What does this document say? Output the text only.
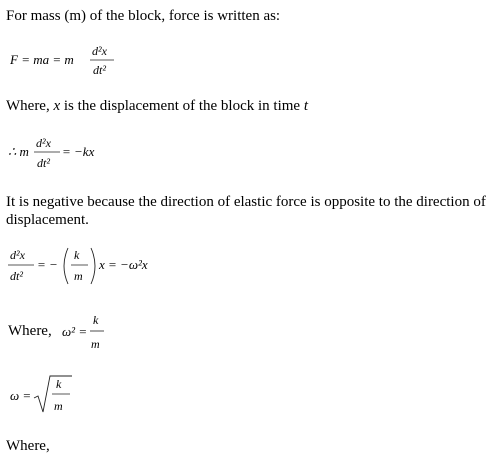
For mass (m) of the block, force is written as:
F = ma = m
d²x
dt²
Where, x is the displacement of the block in time t
∴ m
d²x
dt²
= −kx
It is negative because the direction of elastic force is opposite to the direction of displacement.
d²x
dt²
= −
k
m
x = −ω²x
Where, ω² =
k
m
ω =
k
m
Where,
